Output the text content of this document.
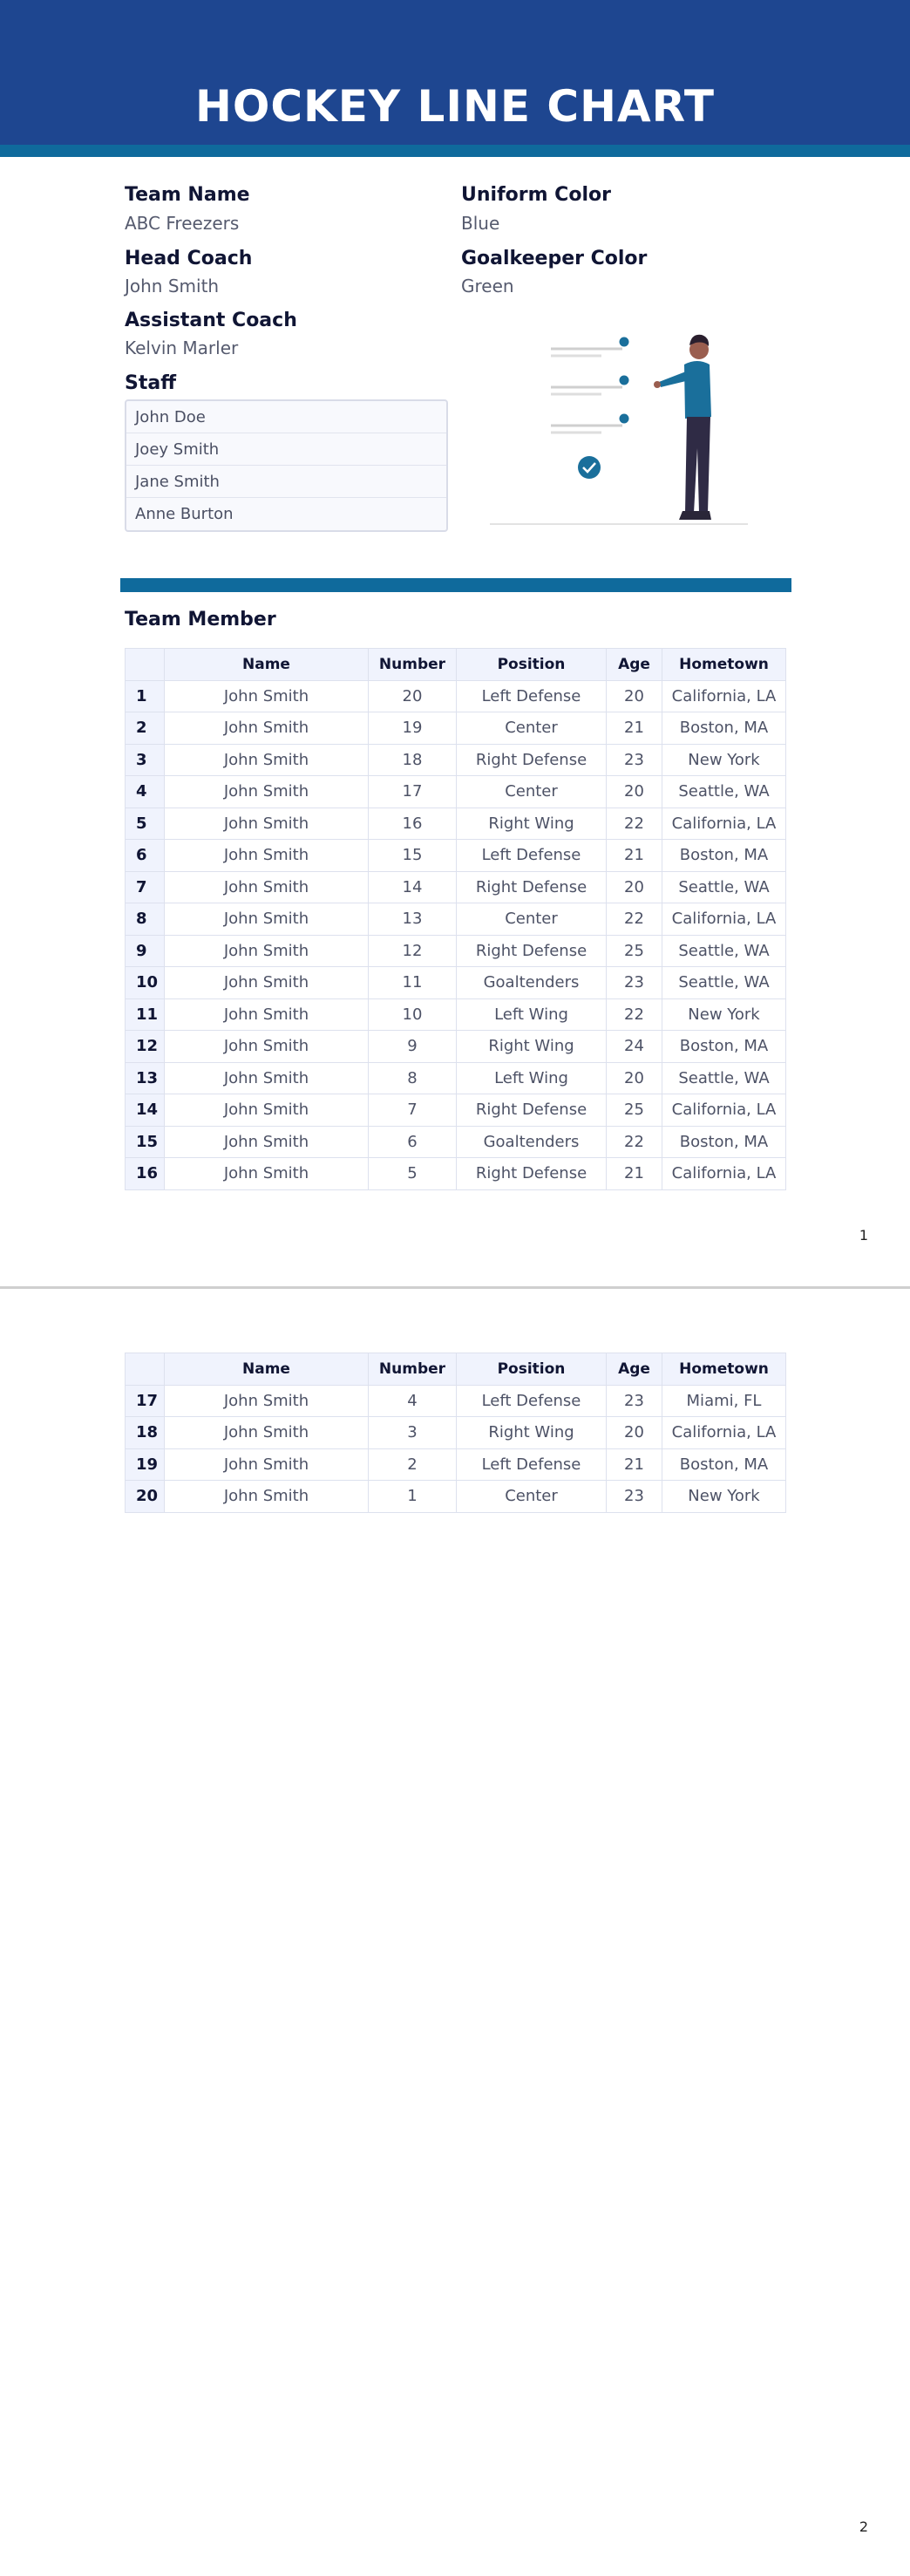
HOCKEY LINE CHART
Team Name
ABC Freezers
Uniform Color
Blue
Head Coach
John Smith
Goalkeeper Color
Green
Assistant Coach
Kelvin Marler
Staff
John Doe
Joey Smith
Jane Smith
Anne Burton
Team Member
	Name	Number	Position	Age	Hometown
1	John Smith	20	Left Defense	20	California, LA
2	John Smith	19	Center	21	Boston, MA
3	John Smith	18	Right Defense	23	New York
4	John Smith	17	Center	20	Seattle, WA
5	John Smith	16	Right Wing	22	California, LA
6	John Smith	15	Left Defense	21	Boston, MA
7	John Smith	14	Right Defense	20	Seattle, WA
8	John Smith	13	Center	22	California, LA
9	John Smith	12	Right Defense	25	Seattle, WA
10	John Smith	11	Goaltenders	23	Seattle, WA
11	John Smith	10	Left Wing	22	New York
12	John Smith	9	Right Wing	24	Boston, MA
13	John Smith	8	Left Wing	20	Seattle, WA
14	John Smith	7	Right Defense	25	California, LA
15	John Smith	6	Goaltenders	22	Boston, MA
16	John Smith	5	Right Defense	21	California, LA
1
	Name	Number	Position	Age	Hometown
17	John Smith	4	Left Defense	23	Miami, FL
18	John Smith	3	Right Wing	20	California, LA
19	John Smith	2	Left Defense	21	Boston, MA
20	John Smith	1	Center	23	New York
2
